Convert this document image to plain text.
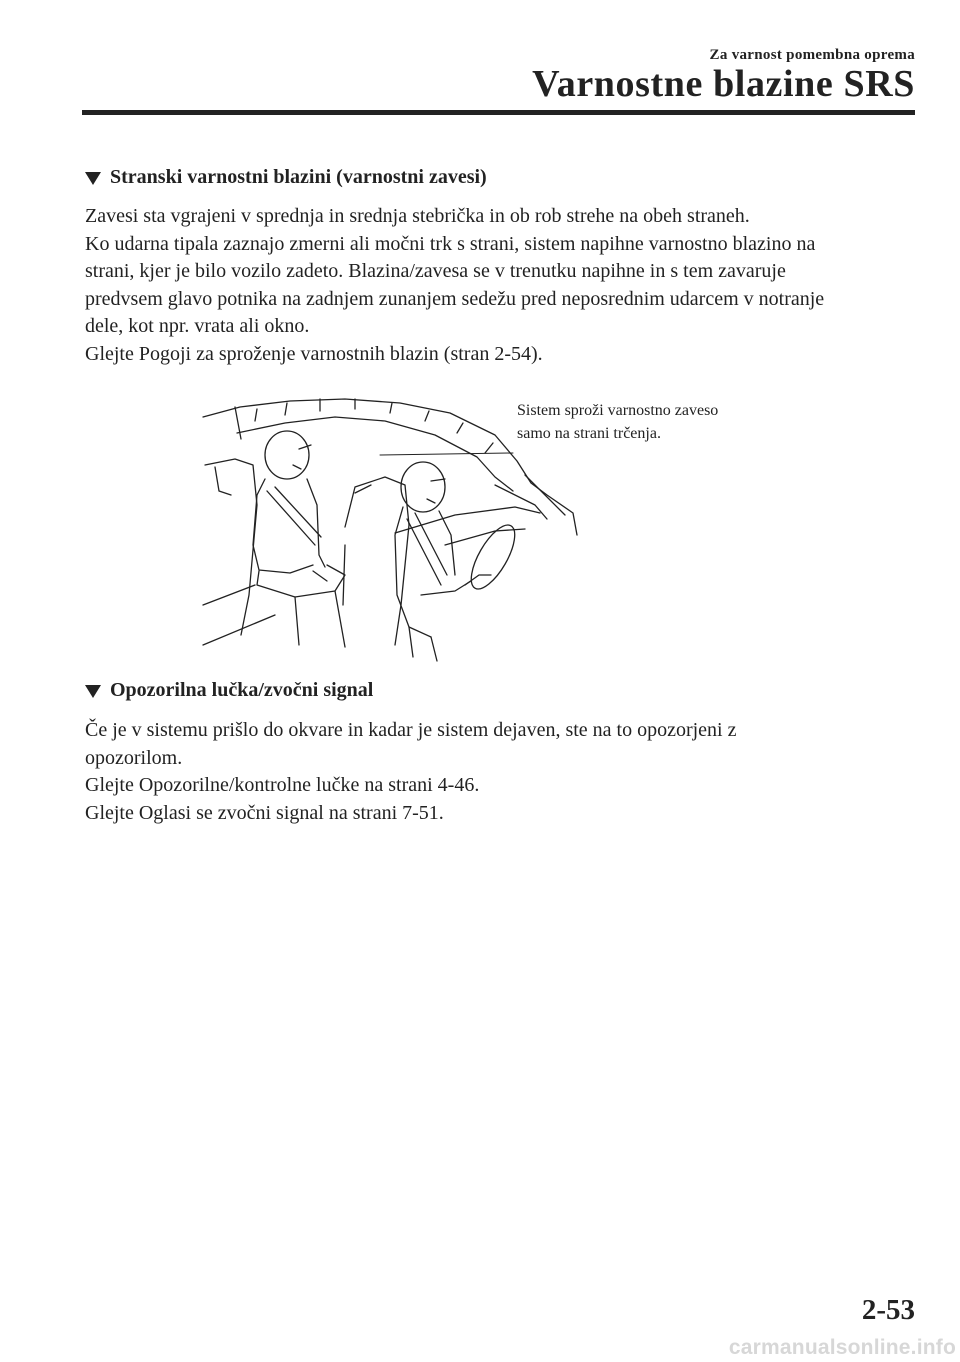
Za varnost pomembna oprema
Varnostne blazine SRS
Stranski varnostni blazini (varnostni zavesi)
Zavesi sta vgrajeni v sprednja in srednja stebrička in ob rob strehe na obeh straneh.
Ko udarna tipala zaznajo zmerni ali močni trk s strani, sistem napihne varnostno blazino na
strani, kjer je bilo vozilo zadeto. Blazina/zavesa se v trenutku napihne in s tem zavaruje
predvsem glavo potnika na zadnjem zunanjem sedežu pred neposrednim udarcem v notranje
dele, kot npr. vrata ali okno.
Glejte Pogoji za sproženje varnostnih blazin (stran 2-54).
Sistem sproži varnostno zaveso
samo na strani trčenja.
Opozorilna lučka/zvočni signal
Če je v sistemu prišlo do okvare in kadar je sistem dejaven, ste na to opozorjeni z
opozorilom.
Glejte Opozorilne/kontrolne lučke na strani 4-46.
Glejte Oglasi se zvočni signal na strani 7-51.
2-53
carmanualsonline.info
